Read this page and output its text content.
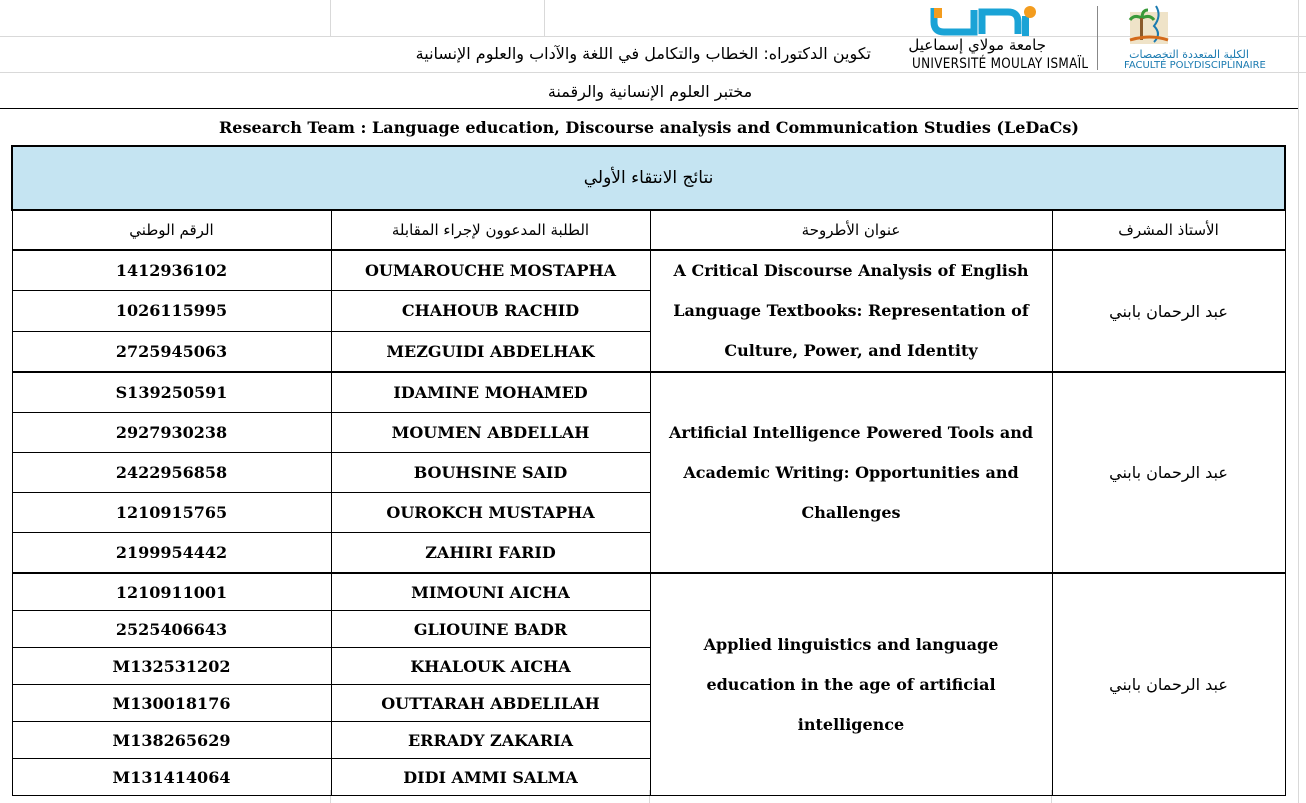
جامعة مولاي إسماعيل
UNIVERSITÉ MOULAY ISMAÏL
الكلية المتعددة التخصصات
FACULTÉ POLYDISCIPLINAIRE
تكوين الدكتوراه: الخطاب والتكامل في اللغة والآداب والعلوم الإنسانية
مختبر العلوم الإنسانية والرقمنة
Research Team : Language education, Discourse analysis and Communication Studies (LeDaCs)
نتائج الانتقاء الأولي			
الرقم الوطني	الطلبة المدعوون لإجراء المقابلة	عنوان الأطروحة	الأستاذ المشرف
1412936102	OUMAROUCHE MOSTAPHA	A Critical Discourse Analysis of English Language Textbooks: Representation of Culture, Power, and Identity	عبد الرحمان بابني
1026115995	CHAHOUB RACHID		
2725945063	MEZGUIDI ABDELHAK		
S139250591	IDAMINE MOHAMED	Artificial Intelligence Powered Tools and Academic Writing: Opportunities and Challenges	عبد الرحمان بابني
2927930238	MOUMEN ABDELLAH		
2422956858	BOUHSINE SAID		
1210915765	OUROKCH MUSTAPHA		
2199954442	ZAHIRI FARID		
1210911001	MIMOUNI AICHA	Applied linguistics and language education in the age of artificial intelligence	عبد الرحمان بابني
2525406643	GLIOUINE BADR		
M132531202	KHALOUK AICHA		
M130018176	OUTTARAH ABDELILAH		
M138265629	ERRADY ZAKARIA		
M131414064	DIDI AMMI SALMA		
